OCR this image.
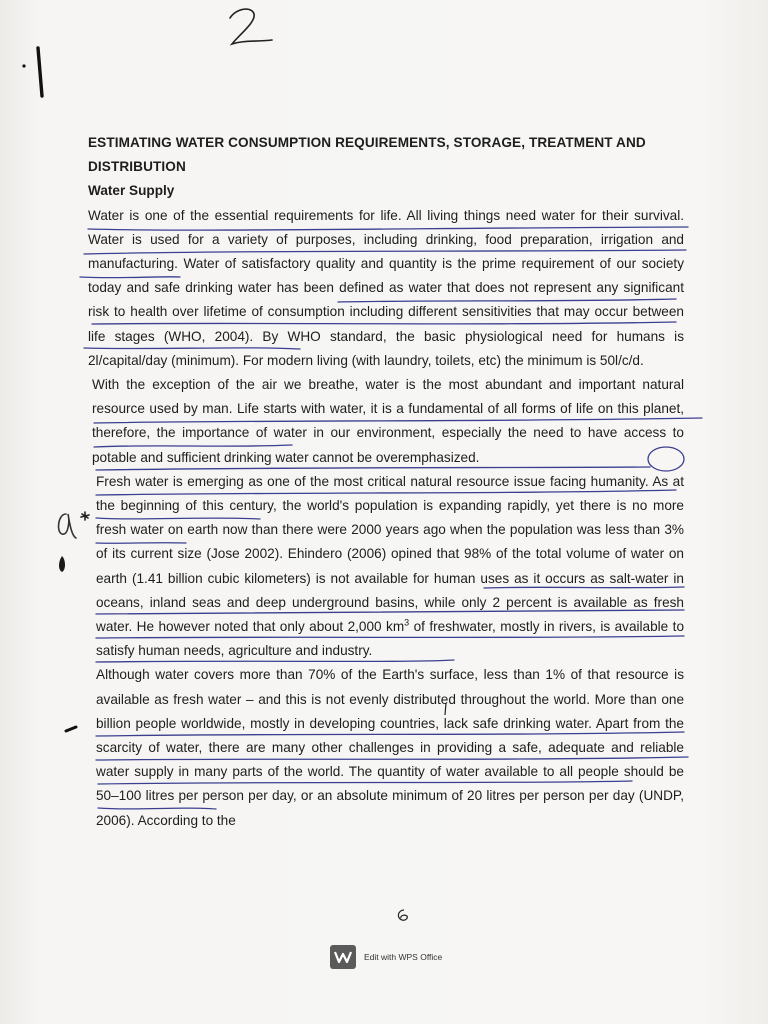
ESTIMATING WATER CONSUMPTION REQUIREMENTS, STORAGE, TREATMENT AND DISTRIBUTION

Water Supply

Water is one of the essential requirements for life. All living things need water for their survival. Water is used for a variety of purposes, including drinking, food preparation, irrigation and manufacturing. Water of satisfactory quality and quantity is the prime requirement of our society today and safe drinking water has been defined as water that does not represent any significant risk to health over lifetime of consumption including different sensitivities that may occur between life stages (WHO, 2004). By WHO standard, the basic physiological need for humans is 2l/capital/day (minimum). For modern living (with laundry, toilets, etc) the minimum is 50l/c/d.

With the exception of the air we breathe, water is the most abundant and important natural resource used by man. Life starts with water, it is a fundamental of all forms of life on this planet, therefore, the importance of water in our environment, especially the need to have access to potable and sufficient drinking water cannot be overemphasized.

Fresh water is emerging as one of the most critical natural resource issue facing humanity. As at the beginning of this century, the world's population is expanding rapidly, yet there is no more fresh water on earth now than there were 2000 years ago when the population was less than 3% of its current size (Jose 2002). Ehindero (2006) opined that 98% of the total volume of water on earth (1.41 billion cubic kilometers) is not available for human uses as it occurs as salt-water in oceans, inland seas and deep underground basins, while only 2 percent is available as fresh water. He however noted that only about 2,000 $km^3$ of freshwater, mostly in rivers, is available to satisfy human needs, agriculture and industry.

Although water covers more than 70% of the Earth's surface, less than 1% of that resource is available as fresh water – and this is not evenly distributed throughout the world. More than one billion people worldwide, mostly in developing countries, lack safe drinking water. Apart from the scarcity of water, there are many other challenges in providing a safe, adequate and reliable water supply in many parts of the world. The quantity of water available to all people should be 50–100 litres per person per day, or an absolute minimum of 20 litres per person per day (UNDP, 2006). According to the

Edit with WPS Office
